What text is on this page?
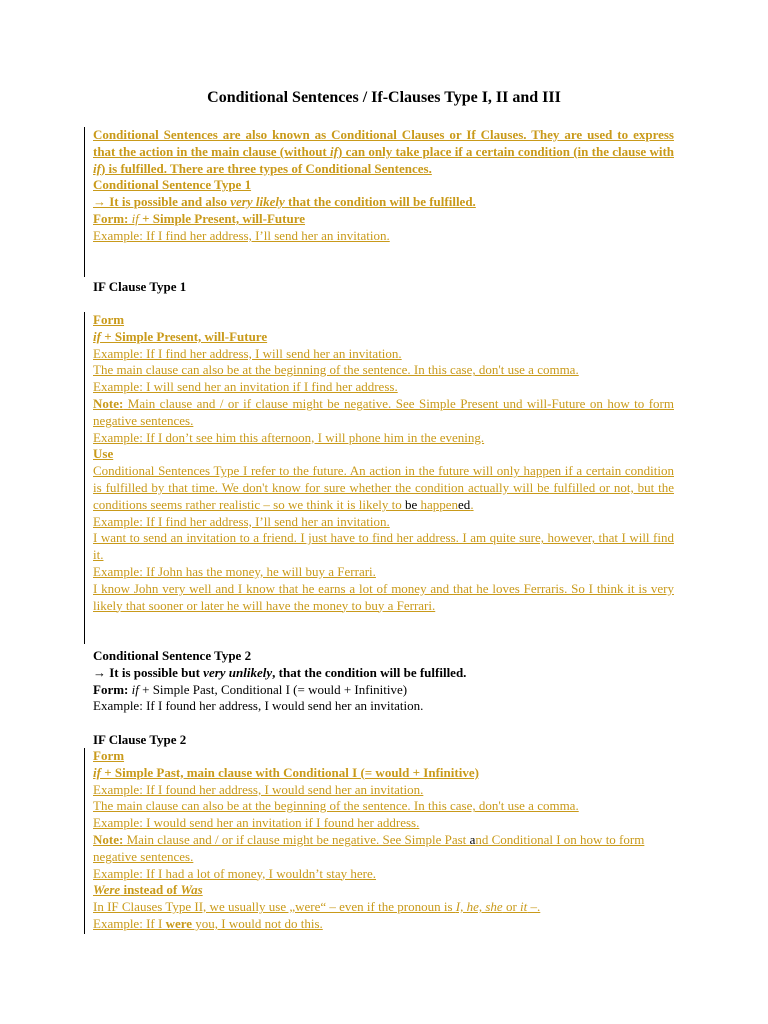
Conditional Sentences / If-Clauses Type I, II and III

Conditional Sentences are also known as Conditional Clauses or If Clauses. They are used to express that the action in the main clause (without if) can only take place if a certain condition (in the clause with if) is fulfilled. There are three types of Conditional Sentences.

Conditional Sentence Type 1

→ It is possible and also very likely that the condition will be fulfilled.

Form: if + Simple Present, will-Future

Example: If I find her address, I’ll send her an invitation.

IF Clause Type 1

Form

if + Simple Present, will-Future

Example: If I find her address, I will send her an invitation.

The main clause can also be at the beginning of the sentence. In this case, don't use a comma.

Example: I will send her an invitation if I find her address.

Note: Main clause and / or if clause might be negative. See Simple Present und will-Future on how to form negative sentences.

Example: If I don’t see him this afternoon, I will phone him in the evening.

Use

Conditional Sentences Type I refer to the future. An action in the future will only happen if a certain condition is fulfilled by that time. We don't know for sure whether the condition actually will be fulfilled or not, but the conditions seems rather realistic – so we think it is likely to be happened.

Example: If I find her address, I’ll send her an invitation.

I want to send an invitation to a friend. I just have to find her address. I am quite sure, however, that I will find it.

Example: If John has the money, he will buy a Ferrari.

I know John very well and I know that he earns a lot of money and that he loves Ferraris. So I think it is very likely that sooner or later he will have the money to buy a Ferrari.

Conditional Sentence Type 2

→ It is possible but very unlikely, that the condition will be fulfilled.

Form: if + Simple Past, Conditional I (= would + Infinitive)

Example: If I found her address, I would send her an invitation.

IF Clause Type 2

Form

if + Simple Past, main clause with Conditional I (= would + Infinitive)

Example: If I found her address, I would send her an invitation.

The main clause can also be at the beginning of the sentence. In this case, don't use a comma.

Example: I would send her an invitation if I found her address.

Note: Main clause and / or if clause might be negative. See Simple Past and Conditional I on how to form negative sentences.

Example: If I had a lot of money, I wouldn’t stay here.

Were instead of Was

In IF Clauses Type II, we usually use „were“ – even if the pronoun is I, he, she or it –.

Example: If I were you, I would not do this.
